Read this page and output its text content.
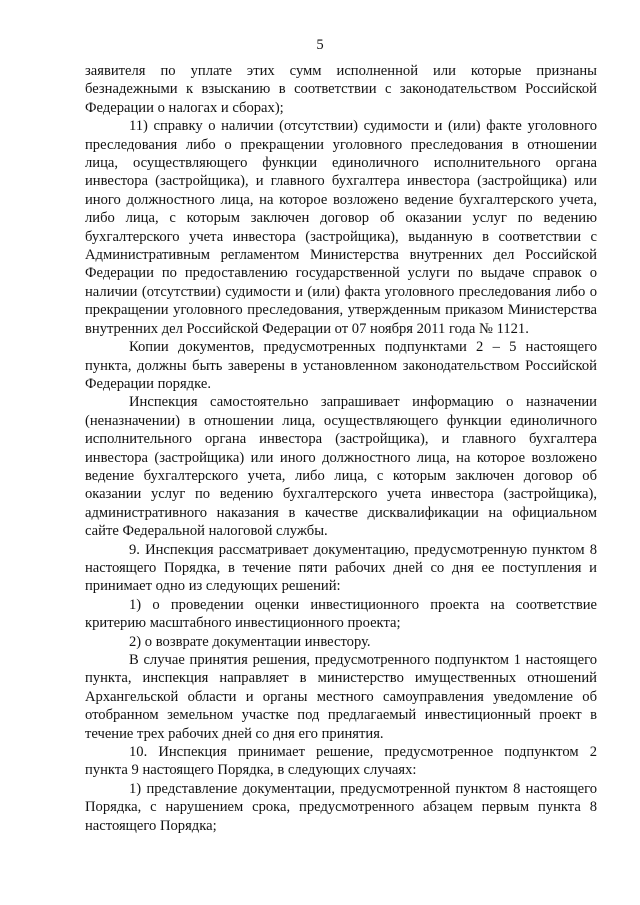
5

заявителя по уплате этих сумм исполненной или которые признаны безнадежными к взысканию в соответствии с законодательством Российской Федерации о налогах и сборах);

11) справку о наличии (отсутствии) судимости и (или) факте уголовного преследования либо о прекращении уголовного преследования в отношении лица, осуществляющего функции единоличного исполнительного органа инвестора (застройщика), и главного бухгалтера инвестора (застройщика) или иного должностного лица, на которое возложено ведение бухгалтерского учета, либо лица, с которым заключен договор об оказании услуг по ведению бухгалтерского учета инвестора (застройщика), выданную в соответствии с Административным регламентом Министерства внутренних дел Российской Федерации по предоставлению государственной услуги по выдаче справок о наличии (отсутствии) судимости и (или) факта уголовного преследования либо о прекращении уголовного преследования, утвержденным приказом Министерства внутренних дел Российской Федерации от 07 ноября 2011 года № 1121.

Копии документов, предусмотренных подпунктами 2 – 5 настоящего пункта, должны быть заверены в установленном законодательством Российской Федерации порядке.

Инспекция самостоятельно запрашивает информацию о назначении (неназначении) в отношении лица, осуществляющего функции единоличного исполнительного органа инвестора (застройщика), и главного бухгалтера инвестора (застройщика) или иного должностного лица, на которое возложено ведение бухгалтерского учета, либо лица, с которым заключен договор об оказании услуг по ведению бухгалтерского учета инвестора (застройщика), административного наказания в качестве дисквалификации на официальном сайте Федеральной налоговой службы.

9. Инспекция рассматривает документацию, предусмотренную пунктом 8 настоящего Порядка, в течение пяти рабочих дней со дня ее поступления и принимает одно из следующих решений:

1) о проведении оценки инвестиционного проекта на соответствие критерию масштабного инвестиционного проекта;

2) о возврате документации инвестору.

В случае принятия решения, предусмотренного подпунктом 1 настоящего пункта, инспекция направляет в министерство имущественных отношений Архангельской области и органы местного самоуправления уведомление об отобранном земельном участке под предлагаемый инвестиционный проект в течение трех рабочих дней со дня его принятия.

10. Инспекция принимает решение, предусмотренное подпунктом 2 пункта 9 настоящего Порядка, в следующих случаях:

1) представление документации, предусмотренной пунктом 8 настоящего Порядка, с нарушением срока, предусмотренного абзацем первым пункта 8 настоящего Порядка;
